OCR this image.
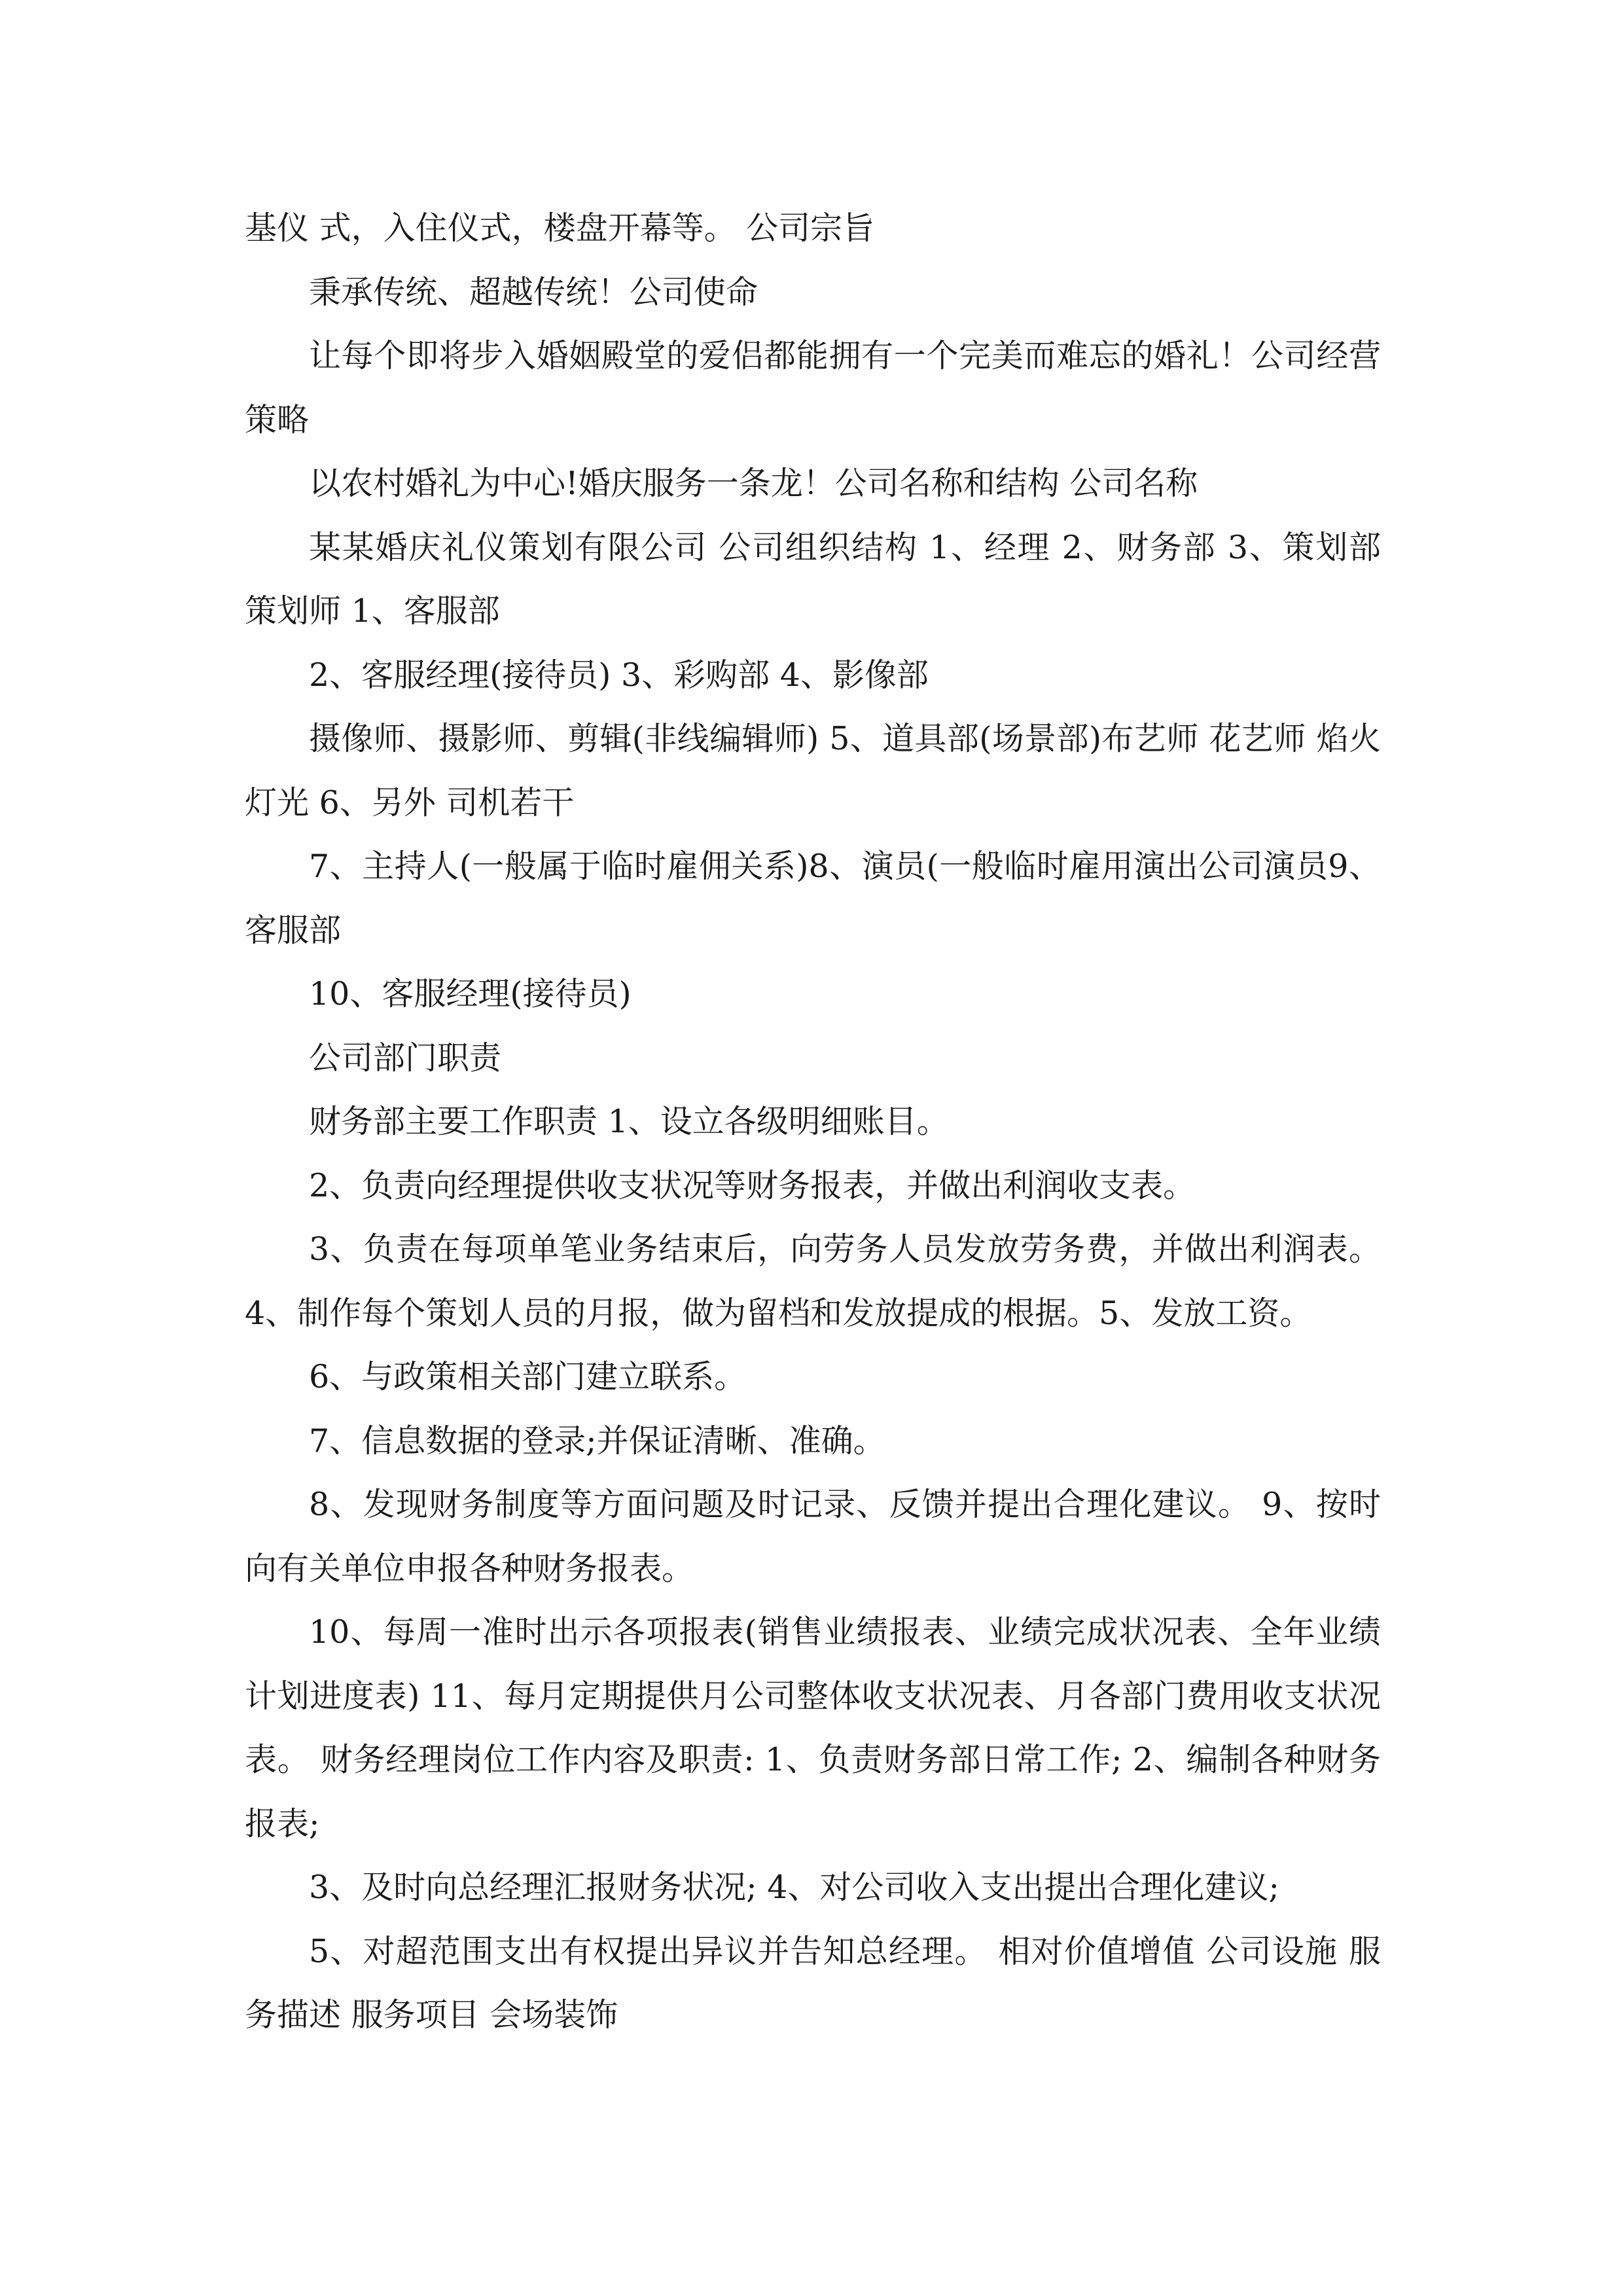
基仪 式，入住仪式，楼盘开幕等。 公司宗旨

秉承传统、超越传统！公司使命

让每个即将步入婚姻殿堂的爱侣都能拥有一个完美而难忘的婚礼！公司经营策略

以农村婚礼为中心!婚庆服务一条龙！公司名称和结构 公司名称

某某婚庆礼仪策划有限公司 公司组织结构 1、经理 2、财务部 3、策划部 策划师 1、客服部

2、客服经理(接待员) 3、彩购部 4、影像部

摄像师、摄影师、剪辑(非线编辑师) 5、道具部(场景部)布艺师 花艺师 焰火 灯光 6、另外 司机若干

7、主持人(一般属于临时雇佣关系)8、演员(一般临时雇用演出公司演员9、客服部

10、客服经理(接待员)

公司部门职责

财务部主要工作职责 1、设立各级明细账目。

2、负责向经理提供收支状况等财务报表，并做出利润收支表。

3、负责在每项单笔业务结束后，向劳务人员发放劳务费，并做出利润表。4、制作每个策划人员的月报，做为留档和发放提成的根据。5、发放工资。

6、与政策相关部门建立联系。

7、信息数据的登录;并保证清晰、准确。

8、发现财务制度等方面问题及时记录、反馈并提出合理化建议。 9、按时向有关单位申报各种财务报表。

10、每周一准时出示各项报表(销售业绩报表、业绩完成状况表、全年业绩计划进度表) 11、每月定期提供月公司整体收支状况表、月各部门费用收支状况表。 财务经理岗位工作内容及职责: 1、负责财务部日常工作; 2、编制各种财务报表;

3、及时向总经理汇报财务状况; 4、对公司收入支出提出合理化建议;

5、对超范围支出有权提出异议并告知总经理。 相对价值增值 公司设施 服务描述 服务项目 会场装饰
